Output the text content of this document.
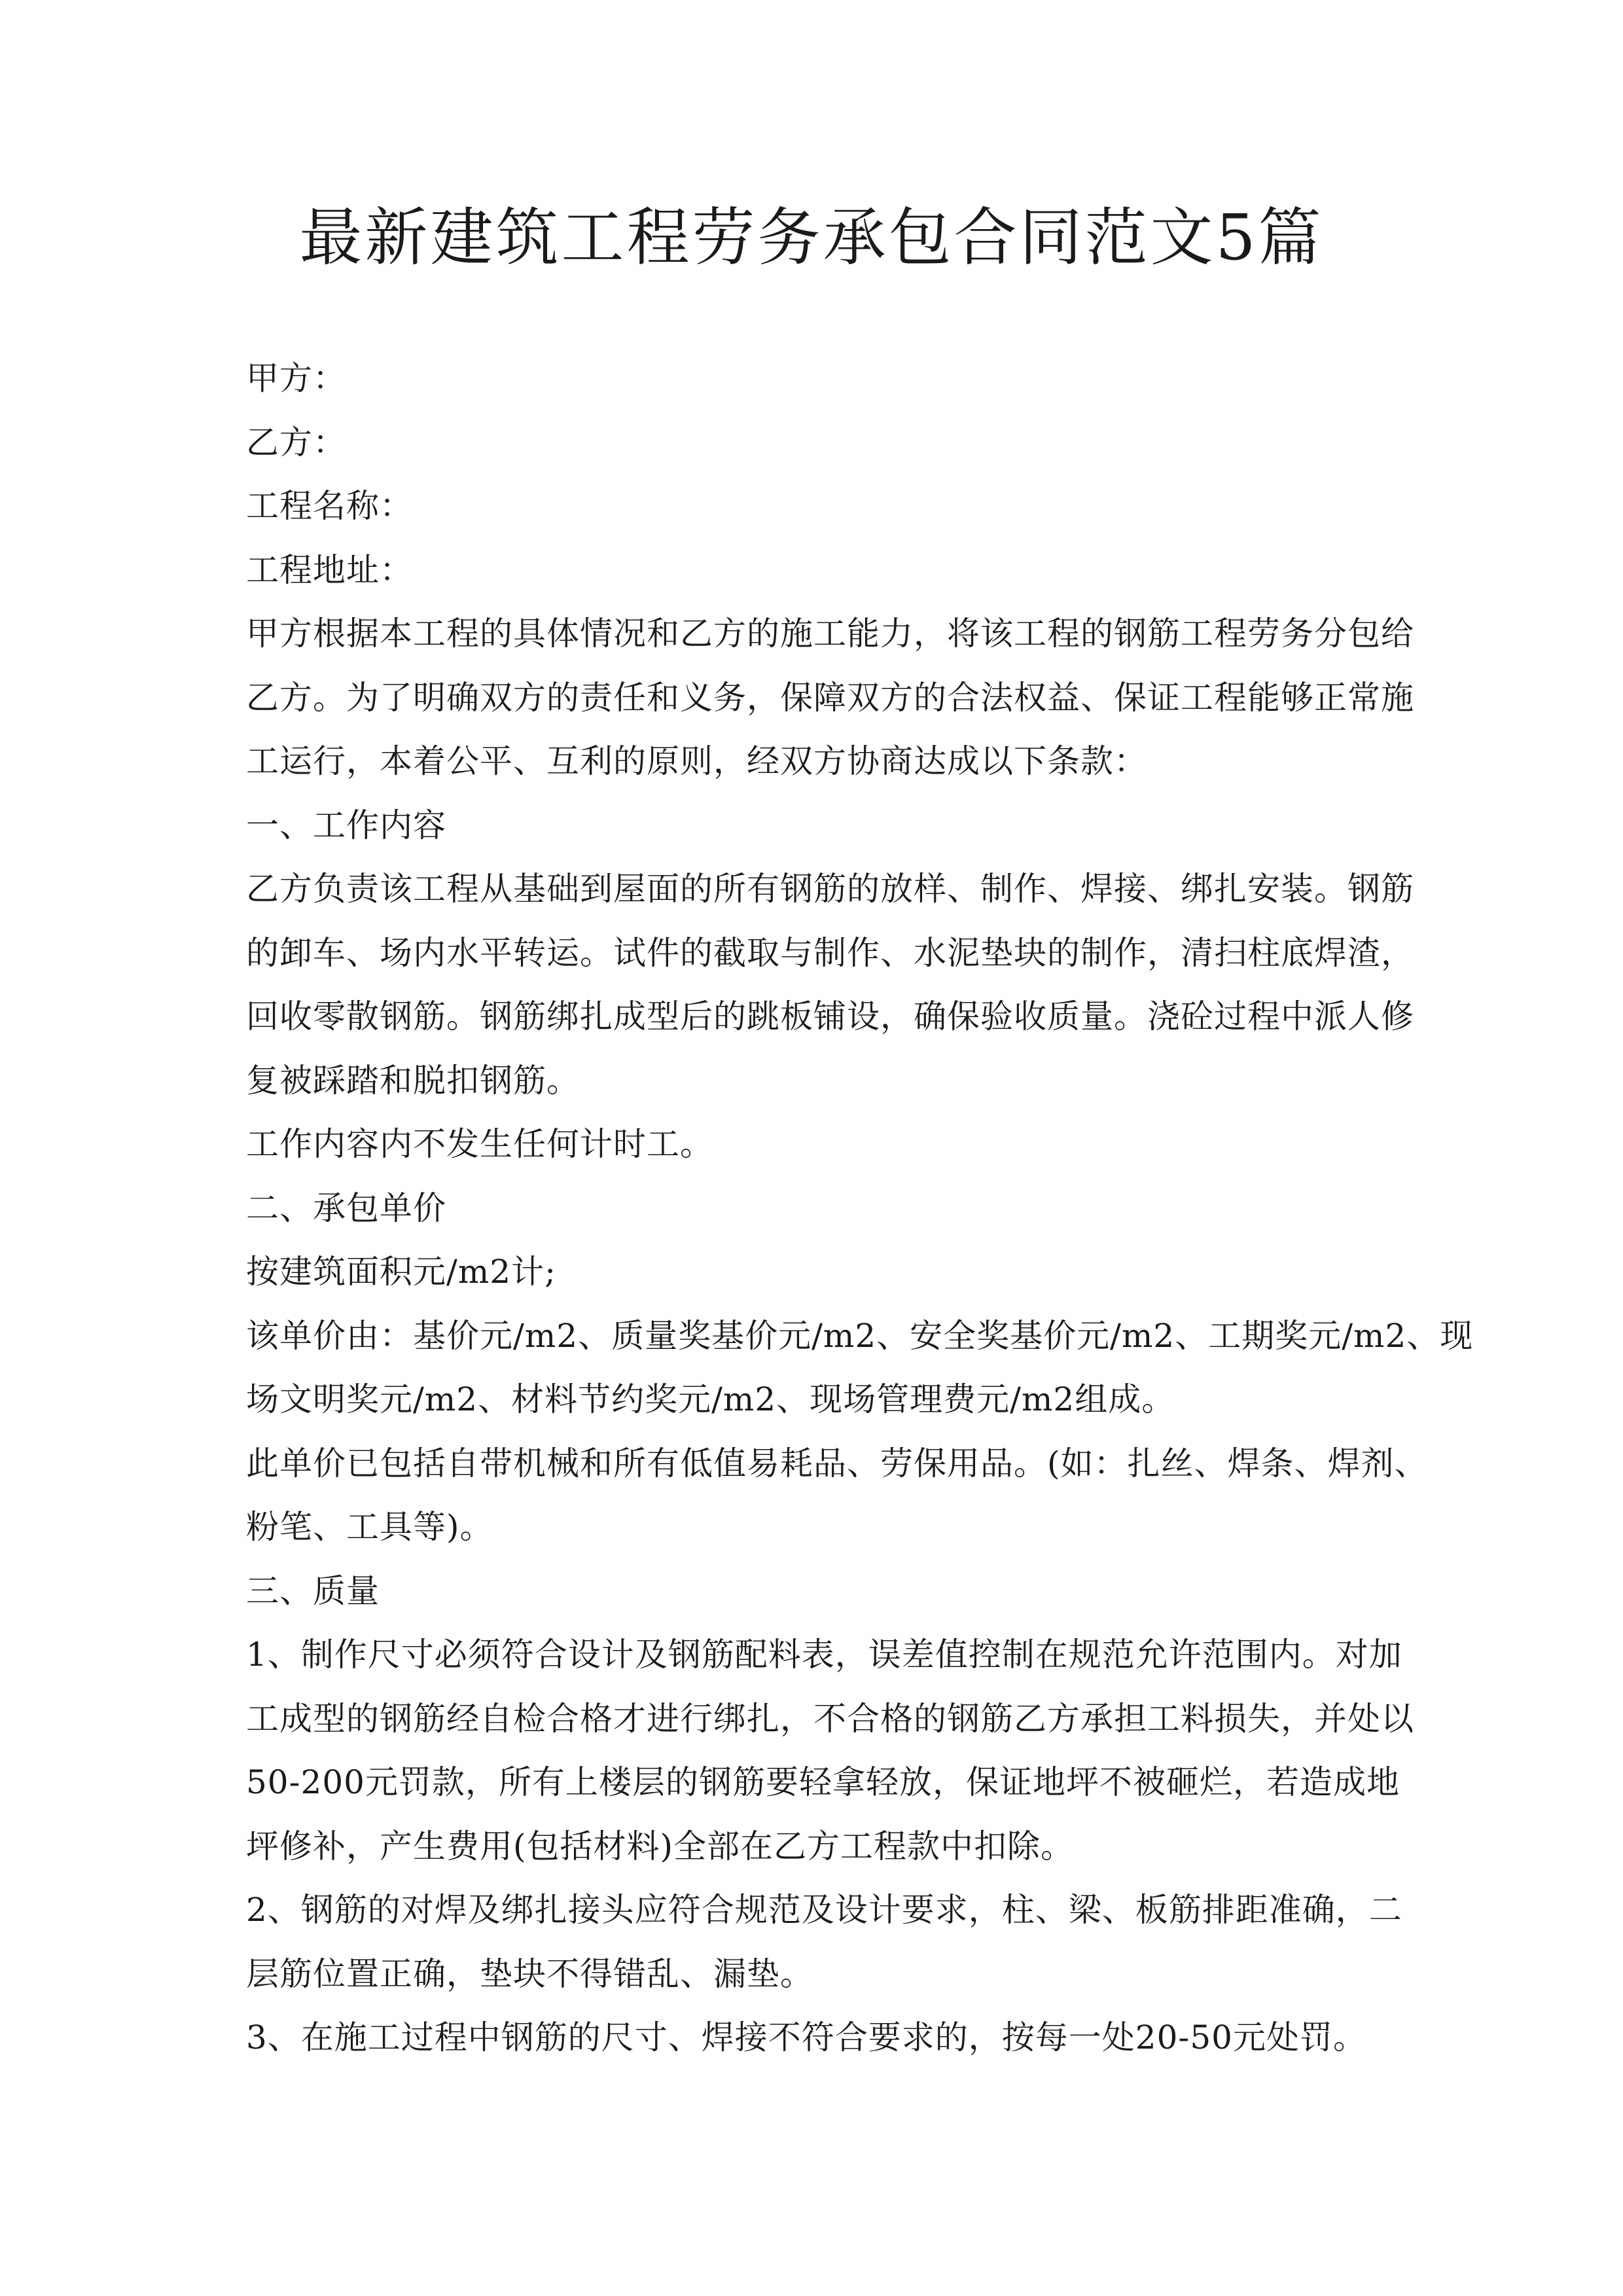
最新建筑工程劳务承包合同范文5篇

甲方：

乙方：

工程名称：

工程地址：

甲方根据本工程的具体情况和乙方的施工能力，将该工程的钢筋工程劳务分包给

乙方。为了明确双方的责任和义务，保障双方的合法权益、保证工程能够正常施

工运行，本着公平、互利的原则，经双方协商达成以下条款：

一、工作内容

乙方负责该工程从基础到屋面的所有钢筋的放样、制作、焊接、绑扎安装。钢筋

的卸车、场内水平转运。试件的截取与制作、水泥垫块的制作，清扫柱底焊渣，

回收零散钢筋。钢筋绑扎成型后的跳板铺设，确保验收质量。浇砼过程中派人修

复被踩踏和脱扣钢筋。

工作内容内不发生任何计时工。

二、承包单价

按建筑面积元/m2计;

该单价由：基价元/m2、质量奖基价元/m2、安全奖基价元/m2、工期奖元/m2、现

场文明奖元/m2、材料节约奖元/m2、现场管理费元/m2组成。

此单价已包括自带机械和所有低值易耗品、劳保用品。(如：扎丝、焊条、焊剂、

粉笔、工具等)。

三、质量

1、制作尺寸必须符合设计及钢筋配料表，误差值控制在规范允许范围内。对加

工成型的钢筋经自检合格才进行绑扎，不合格的钢筋乙方承担工料损失，并处以

50-200元罚款，所有上楼层的钢筋要轻拿轻放，保证地坪不被砸烂，若造成地

坪修补，产生费用(包括材料)全部在乙方工程款中扣除。

2、钢筋的对焊及绑扎接头应符合规范及设计要求，柱、梁、板筋排距准确，二

层筋位置正确，垫块不得错乱、漏垫。

3、在施工过程中钢筋的尺寸、焊接不符合要求的，按每一处20-50元处罚。
